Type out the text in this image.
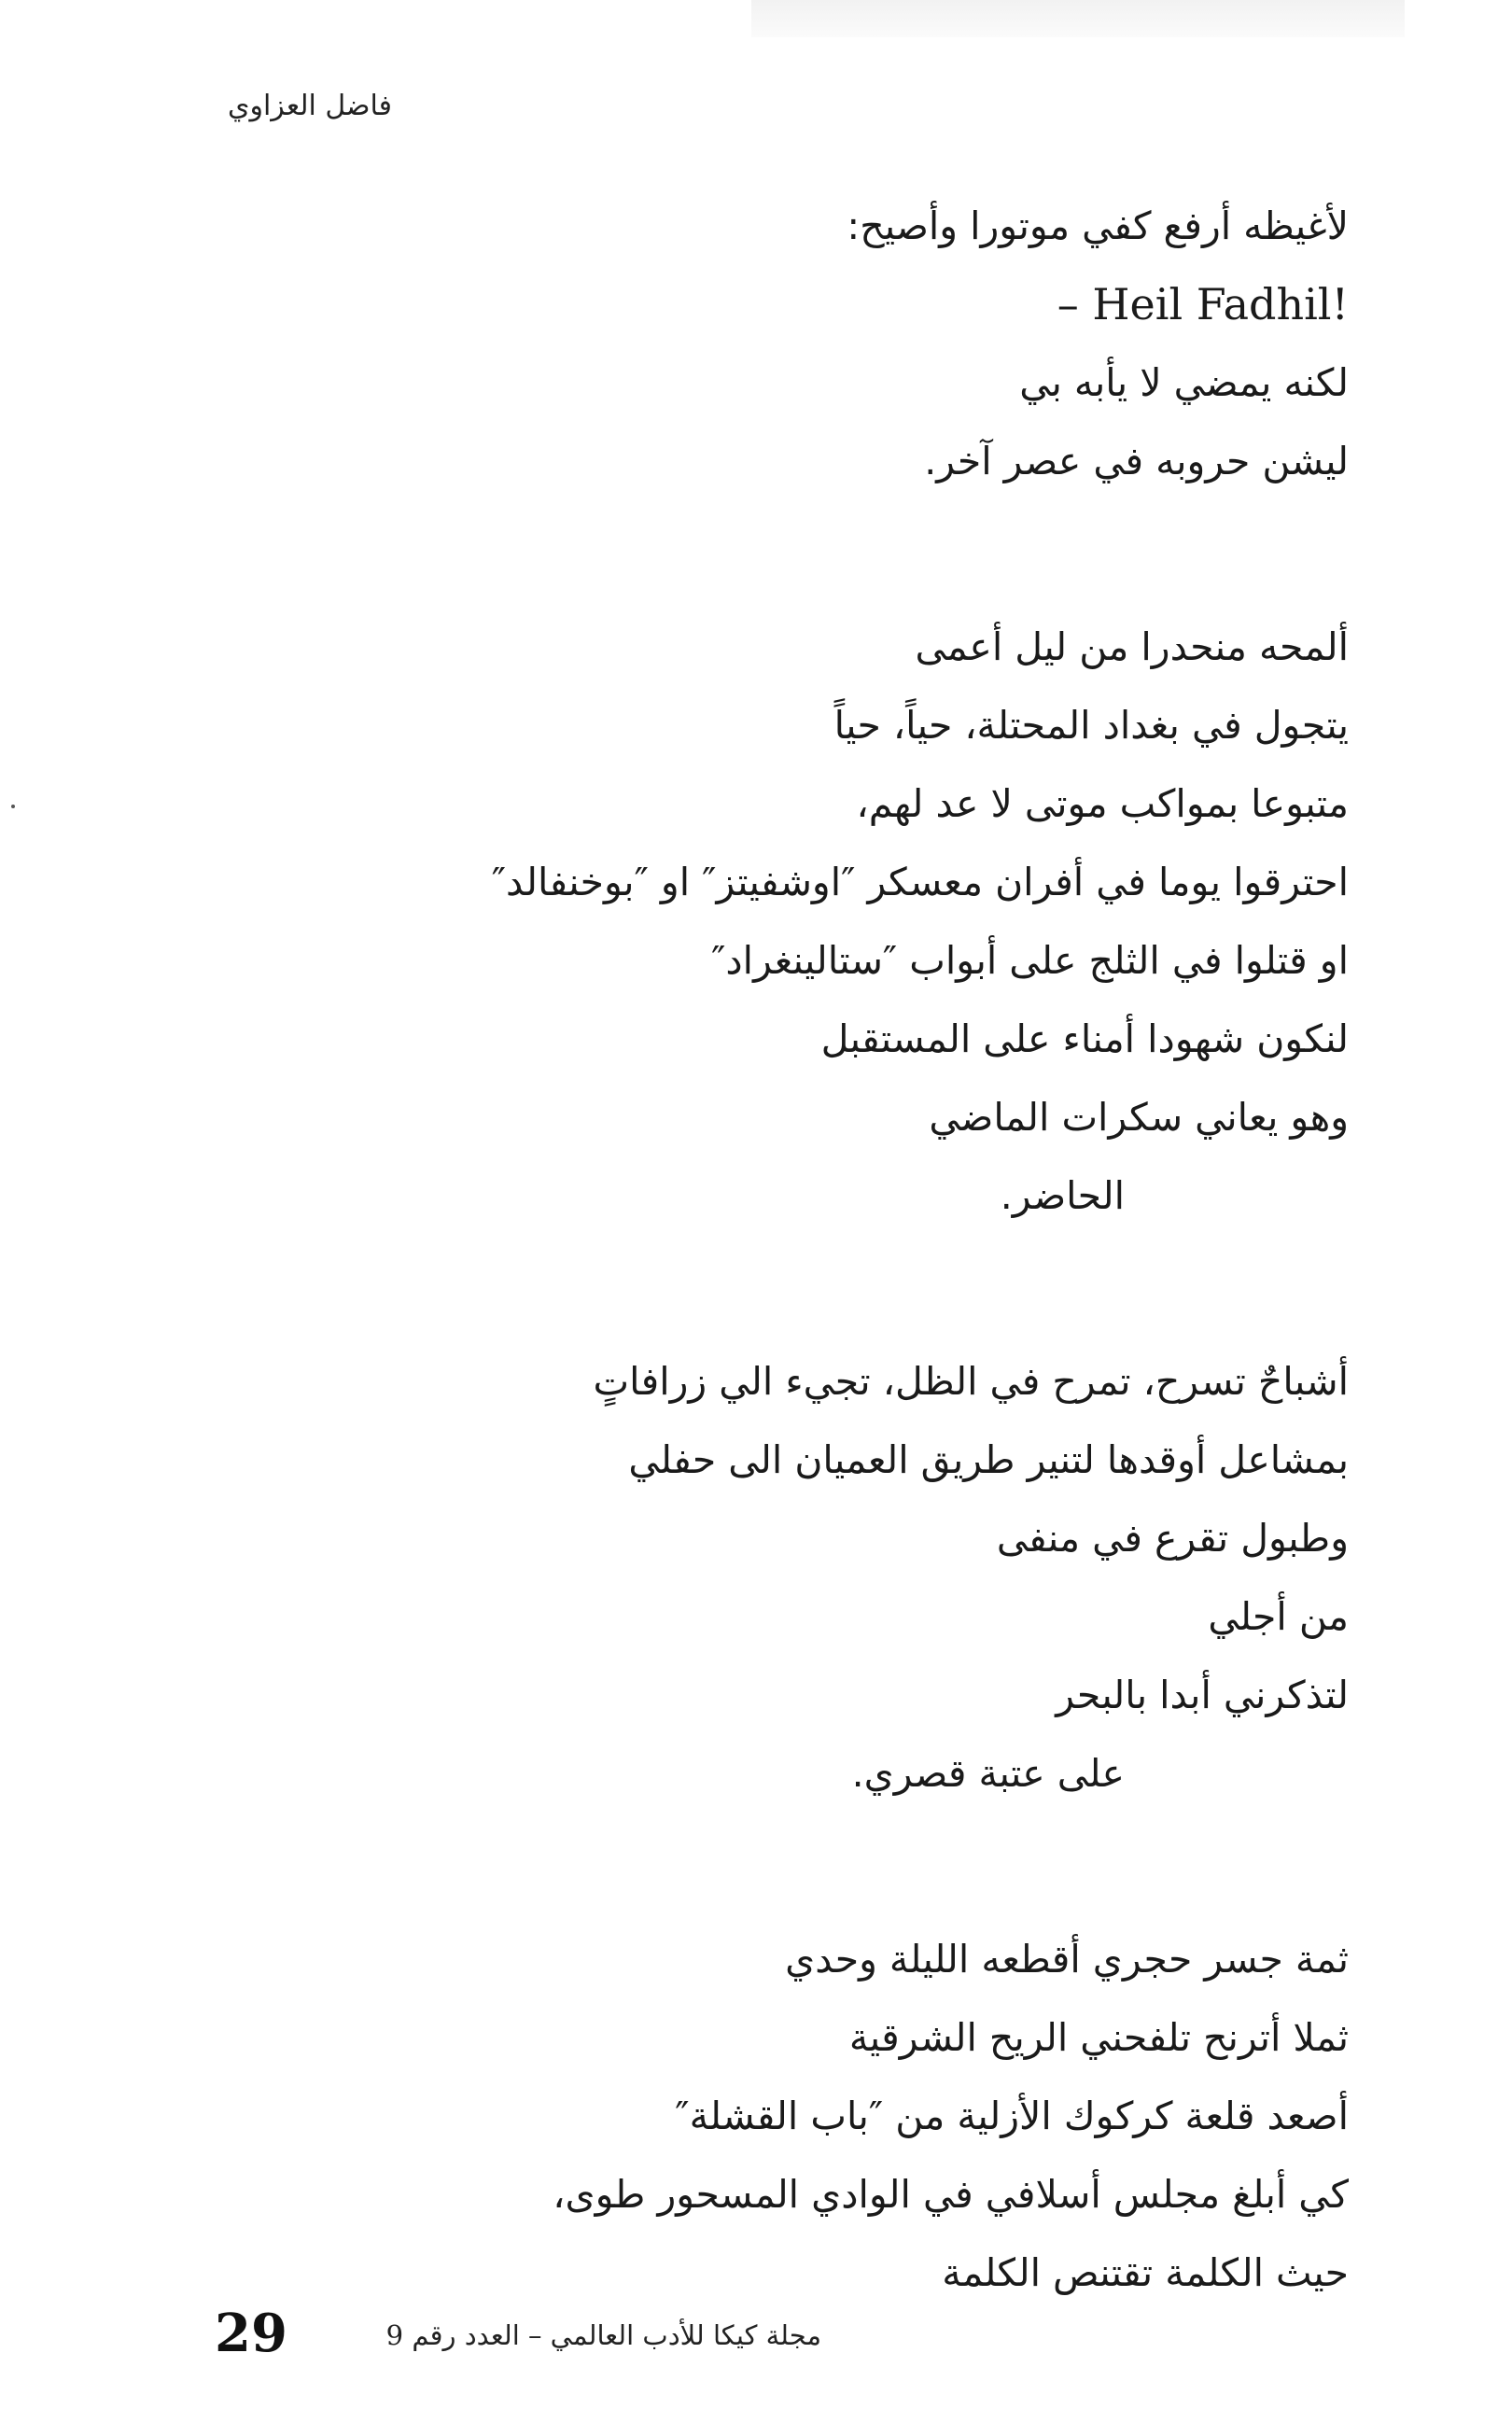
فاضل العزاوي
لأغيظه أرفع كفي موتورا وأصيح:
– Heil Fadhil!
لكنه يمضي لا يأبه بي
ليشن حروبه في عصر آخر.
ألمحه منحدرا من ليل أعمى
يتجول في بغداد المحتلة، حياً، حياً
متبوعا بمواكب موتى لا عد لهم،
احترقوا يوما في أفران معسكر ″اوشفيتز″ او ″بوخنفالد″
او قتلوا في الثلج على أبواب ″ستالينغراد″
لنكون شهودا أمناء على المستقبل
وهو يعاني سكرات الماضي
الحاضر.
أشباحٌ تسرح، تمرح في الظل، تجيء الي زرافاتٍ
بمشاعل أوقدها لتنير طريق العميان الى حفلي
وطبول تقرع في منفى
من أجلي
لتذكرني أبدا بالبحر
على عتبة قصري.
ثمة جسر حجري أقطعه الليلة وحدي
ثملا أترنح تلفحني الريح الشرقية
أصعد قلعة كركوك الأزلية من ″باب القشلة″
كي أبلغ مجلس أسلافي في الوادي المسحور طوى،
حيث الكلمة تقتنص الكلمة
29	مجلة كيكا للأدب العالمي – العدد رقم 9
